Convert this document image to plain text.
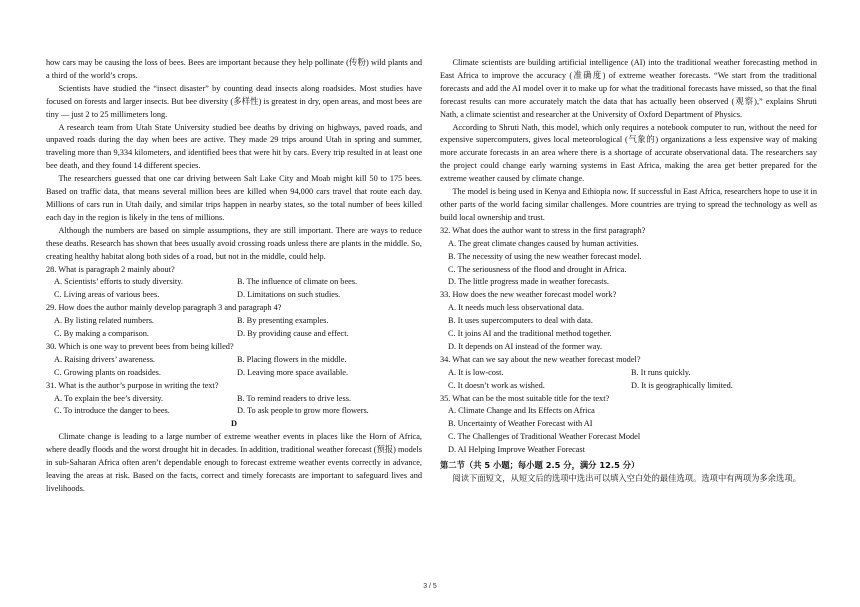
how cars may be causing the loss of bees. Bees are important because they help pollinate (传粉) wild plants and a third of the world’s crops.

Scientists have studied the “insect disaster” by counting dead insects along roadsides. Most studies have focused on forests and larger insects. But bee diversity (多样性) is greatest in dry, open areas, and most bees are tiny — just 2 to 25 millimeters long.

A research team from Utah State University studied bee deaths by driving on highways, paved roads, and unpaved roads during the day when bees are active. They made 29 trips around Utah in spring and summer, traveling more than 9,334 kilometers, and identified bees that were hit by cars. Every trip resulted in at least one bee death, and they found 14 different species.

The researchers guessed that one car driving between Salt Lake City and Moab might kill 50 to 175 bees. Based on traffic data, that means several million bees are killed when 94,000 cars travel that route each day. Millions of cars run in Utah daily, and similar trips happen in nearby states, so the total number of bees killed each day in the region is likely in the tens of millions.

Although the numbers are based on simple assumptions, they are still important. There are ways to reduce these deaths. Research has shown that bees usually avoid crossing roads unless there are plants in the middle. So, creating healthy habitat along both sides of a road, but not in the middle, could help.

28. What is paragraph 2 mainly about?

A. Scientists’ efforts to study diversity.	B. The influence of climate on bees.
C. Living areas of various bees.	D. Limitations on such studies.

29. How does the author mainly develop paragraph 3 and paragraph 4?

A. By listing related numbers.	B. By presenting examples.
C. By making a comparison.	D. By providing cause and effect.

30. Which is one way to prevent bees from being killed?

A. Raising drivers’ awareness.	B. Placing flowers in the middle.
C. Growing plants on roadsides.	D. Leaving more space available.

31. What is the author’s purpose in writing the text?

A. To explain the bee’s diversity.	B. To remind readers to drive less.
C. To introduce the danger to bees.	D. To ask people to grow more flowers.

D

Climate change is leading to a large number of extreme weather events in places like the Horn of Africa, where deadly floods and the worst drought hit in decades. In addition, traditional weather forecast (预报) models in sub-Saharan Africa often aren’t dependable enough to forecast extreme weather events correctly in advance, leaving the areas at risk. Based on the facts, correct and timely forecasts are important to safeguard lives and livelihoods.

Climate scientists are building artificial intelligence (AI) into the traditional weather forecasting method in East Africa to improve the accuracy (准确度) of extreme weather forecasts. “We start from the traditional forecasts and add the AI model over it to make up for what the traditional forecasts have missed, so that the final forecast results can more accurately match the data that has actually been observed (观察),” explains Shruti Nath, a climate scientist and researcher at the University of Oxford Department of Physics.

According to Shruti Nath, this model, which only requires a notebook computer to run, without the need for expensive supercomputers, gives local meteorological (气象的) organizations a less expensive way of making more accurate forecasts in an area where there is a shortage of accurate observational data. The researchers say the project could change early warning systems in East Africa, making the area get better prepared for the extreme weather caused by climate change.

The model is being used in Kenya and Ethiopia now. If successful in East Africa, researchers hope to use it in other parts of the world facing similar challenges. More countries are trying to spread the technology as well as build local ownership and trust.

32. What does the author want to stress in the first paragraph?

A. The great climate changes caused by human activities.
B. The necessity of using the new weather forecast model.
C. The seriousness of the flood and drought in Africa.
D. The little progress made in weather forecasts.

33. How does the new weather forecast model work?

A. It needs much less observational data.
B. It uses supercomputers to deal with data.
C. It joins AI and the traditional method together.
D. It depends on AI instead of the former way.

34. What can we say about the new weather forecast model?

A. It is low-cost.	B. It runs quickly.
C. It doesn’t work as wished.	D. It is geographically limited.

35. What can be the most suitable title for the text?

A. Climate Change and Its Effects on Africa
B. Uncertainty of Weather Forecast with AI
C. The Challenges of Traditional Weather Forecast Model
D. AI Helping Improve Weather Forecast

第二节（共 5 小题；每小题 2.5 分，满分 12.5 分）

阅读下面短文，从短文后的选项中选出可以填入空白处的最佳选项。选项中有两项为多余选项。

3 / 5
